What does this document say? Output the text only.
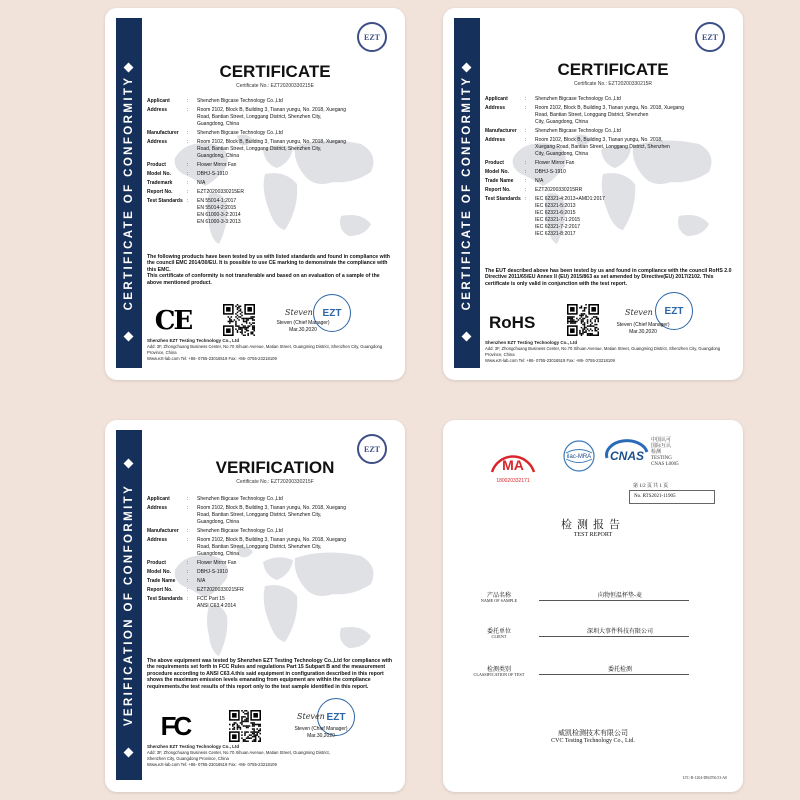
CERTIFICATE OF CONFORMITY
EZT
CERTIFICATE
Certificate No.: EZT20200330215E
Applicant	:	Shenzhen Bigcase Technology Co.,Ltd
Address	:	Room 2102, Block B, Building 3, Tianan yungu, No. 2018, Xuegang
Road, Bantian Street, Longgang District, Shenzhen City,
Guangdong, China
Manufacturer	:	Shenzhen Bigcase Technology Co.,Ltd
Address	:	Room 2102, Block B, Building 3, Tianan yungu, No. 2018, Xuegang
Road, Bantian Street, Longgang District, Shenzhen City,
Guangdong, China
Product	:	Flower Mirror Fan
Model No.	:	DBHJ-S-1910
Trademark	:	N/A
Report No.	:	EZT20200330215ER
Test Standards :	EN 55014-1:2017
EN 55014-2:2015
EN 61000-3-2:2014
EN 61000-3-3:2013
The following products have been tested by us with listed standards and found in compliance with the council EMC 2014/30/EU. It is possible to use CE marking to demonstrate the compliance with this EMC.
This certificate of conformity is not transferable and based on an evaluation of a sample of the above mentioned product.
CE	EZT
Steven
Steven (Chief Manager)
Mar.30,2020
Shenzhen EZT Testing Technology Co., Ltd
Add: 3F, Zhongchuang Business Center, No.70 Xihuan Avenue, Matian Street, Guangming District, Shenzhen City, Guangdong Province, China
Www.ezt-lab.com Tel: +86- 0755-23016519 Fax: +86- 0755-23218109
CERTIFICATE OF CONFORMITY
EZT
CERTIFICATE
Certificate No.: EZT20200330215R
Applicant	:	Shenzhen Bigcase Technology Co.,Ltd
Address	:	Room 2102, Block B, Building 3, Tianan yungu, No. 2018, Xuegang
Road, Bantian Street, Longgang District, Shenzhen
City, Guangdong, China
Manufacturer	:	Shenzhen Bigcase Technology Co.,Ltd
Address	:	Room 2102, Block B, Building 3, Tianan yungu, No. 2018,
Xuegang Road, Bantian Street, Longgang District, Shenzhen
City, Guangdong, China
Product	:	Flower Mirror Fan
Model No.	:	DBHJ-S-1910
Trade Name	:	N/A
Report No.	:	EZT20200330215RR
Test Standards :	IEC 62321-4:2013+AMD1:2017
IEC 62321-5:2013
IEC 62321-6:2015
IEC 62321-7-1:2015
IEC 62321-7-2:2017
IEC 62321-8:2017
The EUT described above has been tested by us and found in compliance with the council RoHS 2.0 Directive 2011/65/EU Annex II (EU) 2015/863 as set amended by Directive(EU) 2017/2102. This certificate is only valid in conjunction with the test report.
RoHS
EZT
Steven
Steven (Chief Manager)
Mar.30,2020
Shenzhen EZT Testing Technology Co., Ltd
Add: 3F, Zhongchuang Business Center, No.70 Xihuan Avenue, Matian Street, Guangming District, Shenzhen City, Guangdong Province, China
Www.ezt-lab.com Tel: +86- 0755-23016519 Fax: +86- 0755-23218109
VERIFICATION OF CONFORMITY
EZT
VERIFICATION
Certificate No.: EZT20200330215F
Applicant	:	Shenzhen Bigcase Technology Co.,Ltd
Address	:	Room 2102, Block B, Building 3, Tianan yungu, No. 2018, Xuegang
Road, Bantian Street, Longgang District, Shenzhen City,
Guangdong, China
Manufacturer	:	Shenzhen Bigcase Technology Co.,Ltd
Address	:	Room 2102, Block B, Building 3, Tianan yungu, No. 2018, Xuegang
Road, Bantian Street, Longgang District, Shenzhen City,
Guangdong, China
Product	:	Flower Mirror Fan
Model No.	:	DBHJ-S-1910
Trade Name	:	N/A
Report No.	:	EZT20200330215FR
Test Standards :	FCC Part 15
ANSI C63.4:2014
The above equipment was tested by Shenzhen EZT Testing Technology Co.,Ltd for compliance with the requirements set forth in FCC Rules and regulations Part 15 Subpart B and the measurement procedure according to ANSI C63.4.this said equipment in configuration described in this report shows the maximum emission levels emanating from equipment are within the compliance requirements.the test results of this report only to the test sample identified in this report.
FC	EZT
Steven
Steven (Chief Manager)
Mar.30,2020
Shenzhen EZT Testing Technology Co., Ltd
Add: 3F, Zhongchuang Business Center, No.70 Xihuan Avenue, Matian Street, Guangming District,
Shenzhen City, Guangdong Province, China
Www.ezt-lab.com Tel: +86- 0755-23016519 Fax: +86- 0755-23218109
MA
180020332171
ilac-MRA CNAS
中国认可
国际互认
检测
TESTING
CNAS L0005
第 1/2 页 共 1 页
No. RTS2021-11905
检测报告
TEST REPORT
产品名称
NAME OF SAMPLE
向物恒温杯垫-麦
委托单位
CLIENT
深圳大事件科技有限公司
检测类别
CLASSIFICATION OF TEST
委托检测
威凯检测技术有限公司
CVC Testing Technology Co., Ltd.
LTC-B-1204-DB4706.53-A0
